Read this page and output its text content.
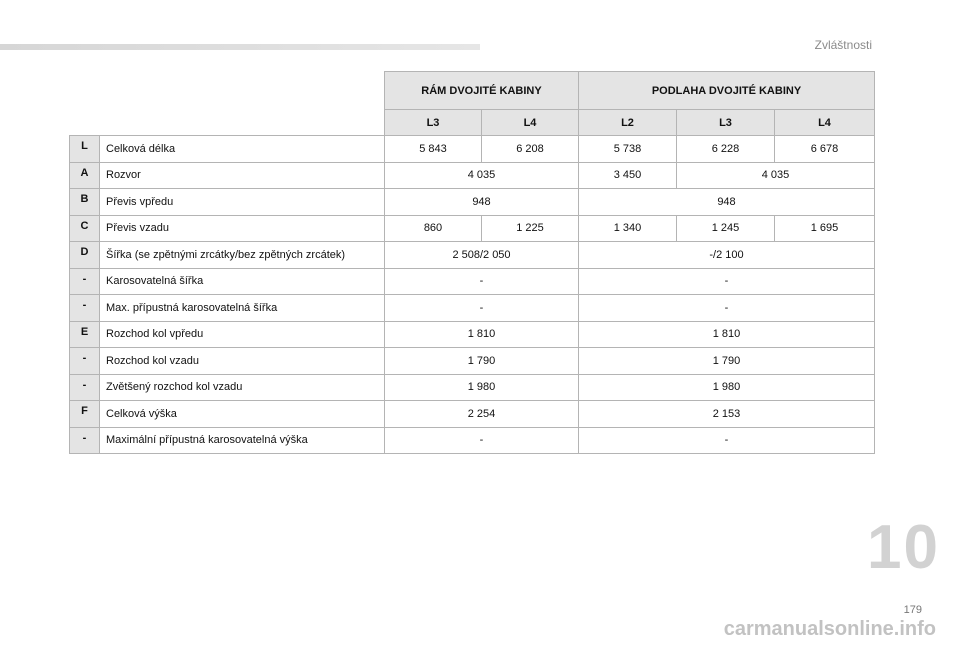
Zvláštnosti
		RÁM DVOJITÉ KABINY		PODLAHA DVOJITÉ KABINY		
		L3	L4	L2	L3	L4
L	Celková délka	5 843	6 208	5 738	6 228	6 678
A	Rozvor	4 035		3 450	4 035	
B	Převis vpředu	948		948		
C	Převis vzadu	860	1 225	1 340	1 245	1 695
D	Šířka (se zpětnými zrcátky/bez zpětných zrcátek)	2 508/2 050		-/2 100		
-	Karosovatelná šířka	-		-		
-	Max. přípustná karosovatelná šířka	-		-		
E	Rozchod kol vpředu	1 810		1 810		
-	Rozchod kol vzadu	1 790		1 790		
-	Zvětšený rozchod kol vzadu	1 980		1 980		
F	Celková výška	2 254		2 153		
-	Maximální přípustná karosovatelná výška	-		-		
10
179
carmanualsonline.info
